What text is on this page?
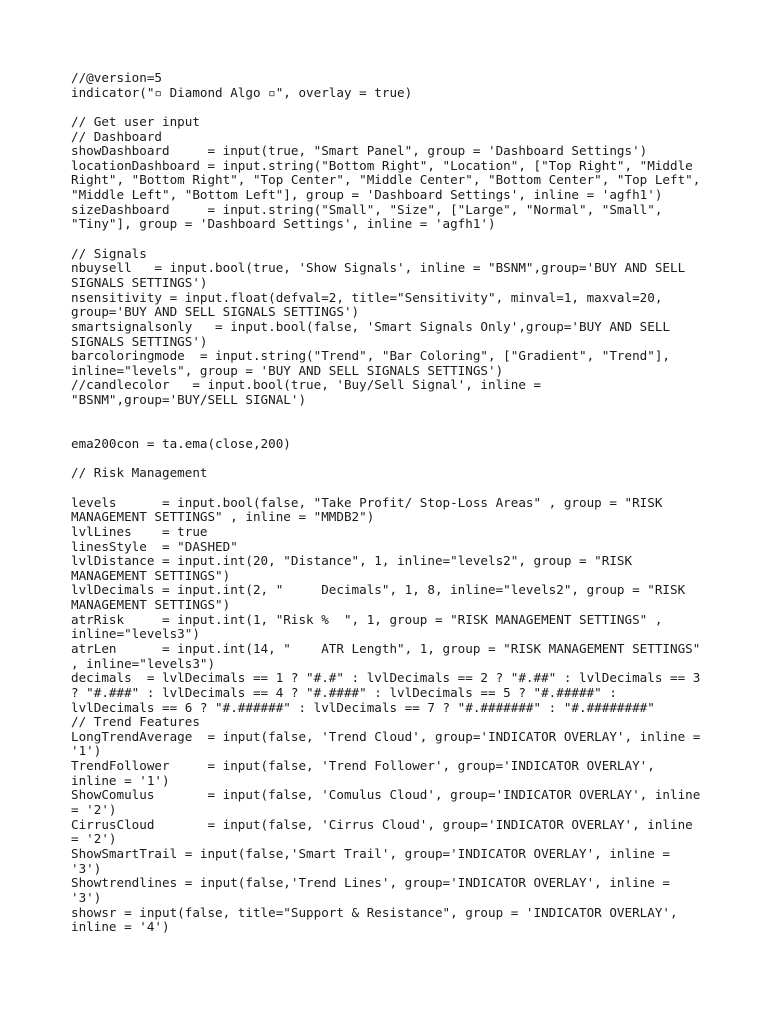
//@version=5
indicator("▫ Diamond Algo ▫", overlay = true)
// Get user input
// Dashboard
showDashboard     = input(true, "Smart Panel", group = 'Dashboard Settings')
locationDashboard = input.string("Bottom Right", "Location", ["Top Right", "Middle
Right", "Bottom Right", "Top Center", "Middle Center", "Bottom Center", "Top Left",
"Middle Left", "Bottom Left"], group = 'Dashboard Settings', inline = 'agfh1')
sizeDashboard     = input.string("Small", "Size", ["Large", "Normal", "Small",
"Tiny"], group = 'Dashboard Settings', inline = 'agfh1')
// Signals
nbuysell   = input.bool(true, 'Show Signals', inline = "BSNM",group='BUY AND SELL
SIGNALS SETTINGS')
nsensitivity = input.float(defval=2, title="Sensitivity", minval=1, maxval=20,
group='BUY AND SELL SIGNALS SETTINGS')
smartsignalsonly   = input.bool(false, 'Smart Signals Only',group='BUY AND SELL
SIGNALS SETTINGS')
barcoloringmode  = input.string("Trend", "Bar Coloring", ["Gradient", "Trend"],
inline="levels", group = 'BUY AND SELL SIGNALS SETTINGS')
//candlecolor   = input.bool(true, 'Buy/Sell Signal', inline =
"BSNM",group='BUY/SELL SIGNAL')
ema200con = ta.ema(close,200)
// Risk Management
levels      = input.bool(false, "Take Profit/ Stop-Loss Areas" , group = "RISK
MANAGEMENT SETTINGS" , inline = "MMDB2")
lvlLines    = true
linesStyle  = "DASHED"
lvlDistance = input.int(20, "Distance", 1, inline="levels2", group = "RISK
MANAGEMENT SETTINGS")
lvlDecimals = input.int(2, "     Decimals", 1, 8, inline="levels2", group = "RISK
MANAGEMENT SETTINGS")
atrRisk     = input.int(1, "Risk %  ", 1, group = "RISK MANAGEMENT SETTINGS" ,
inline="levels3")
atrLen      = input.int(14, "    ATR Length", 1, group = "RISK MANAGEMENT SETTINGS"
, inline="levels3")
decimals  = lvlDecimals == 1 ? "#.#" : lvlDecimals == 2 ? "#.##" : lvlDecimals == 3
? "#.###" : lvlDecimals == 4 ? "#.####" : lvlDecimals == 5 ? "#.#####" :
lvlDecimals == 6 ? "#.######" : lvlDecimals == 7 ? "#.#######" : "#.########"
// Trend Features
LongTrendAverage  = input(false, 'Trend Cloud', group='INDICATOR OVERLAY', inline =
'1')
TrendFollower     = input(false, 'Trend Follower', group='INDICATOR OVERLAY',
inline = '1')
ShowComulus       = input(false, 'Comulus Cloud', group='INDICATOR OVERLAY', inline
= '2')
CirrusCloud       = input(false, 'Cirrus Cloud', group='INDICATOR OVERLAY', inline
= '2')
ShowSmartTrail = input(false,'Smart Trail', group='INDICATOR OVERLAY', inline =
'3')
Showtrendlines = input(false,'Trend Lines', group='INDICATOR OVERLAY', inline =
'3')
showsr = input(false, title="Support & Resistance", group = 'INDICATOR OVERLAY',
inline = '4')
